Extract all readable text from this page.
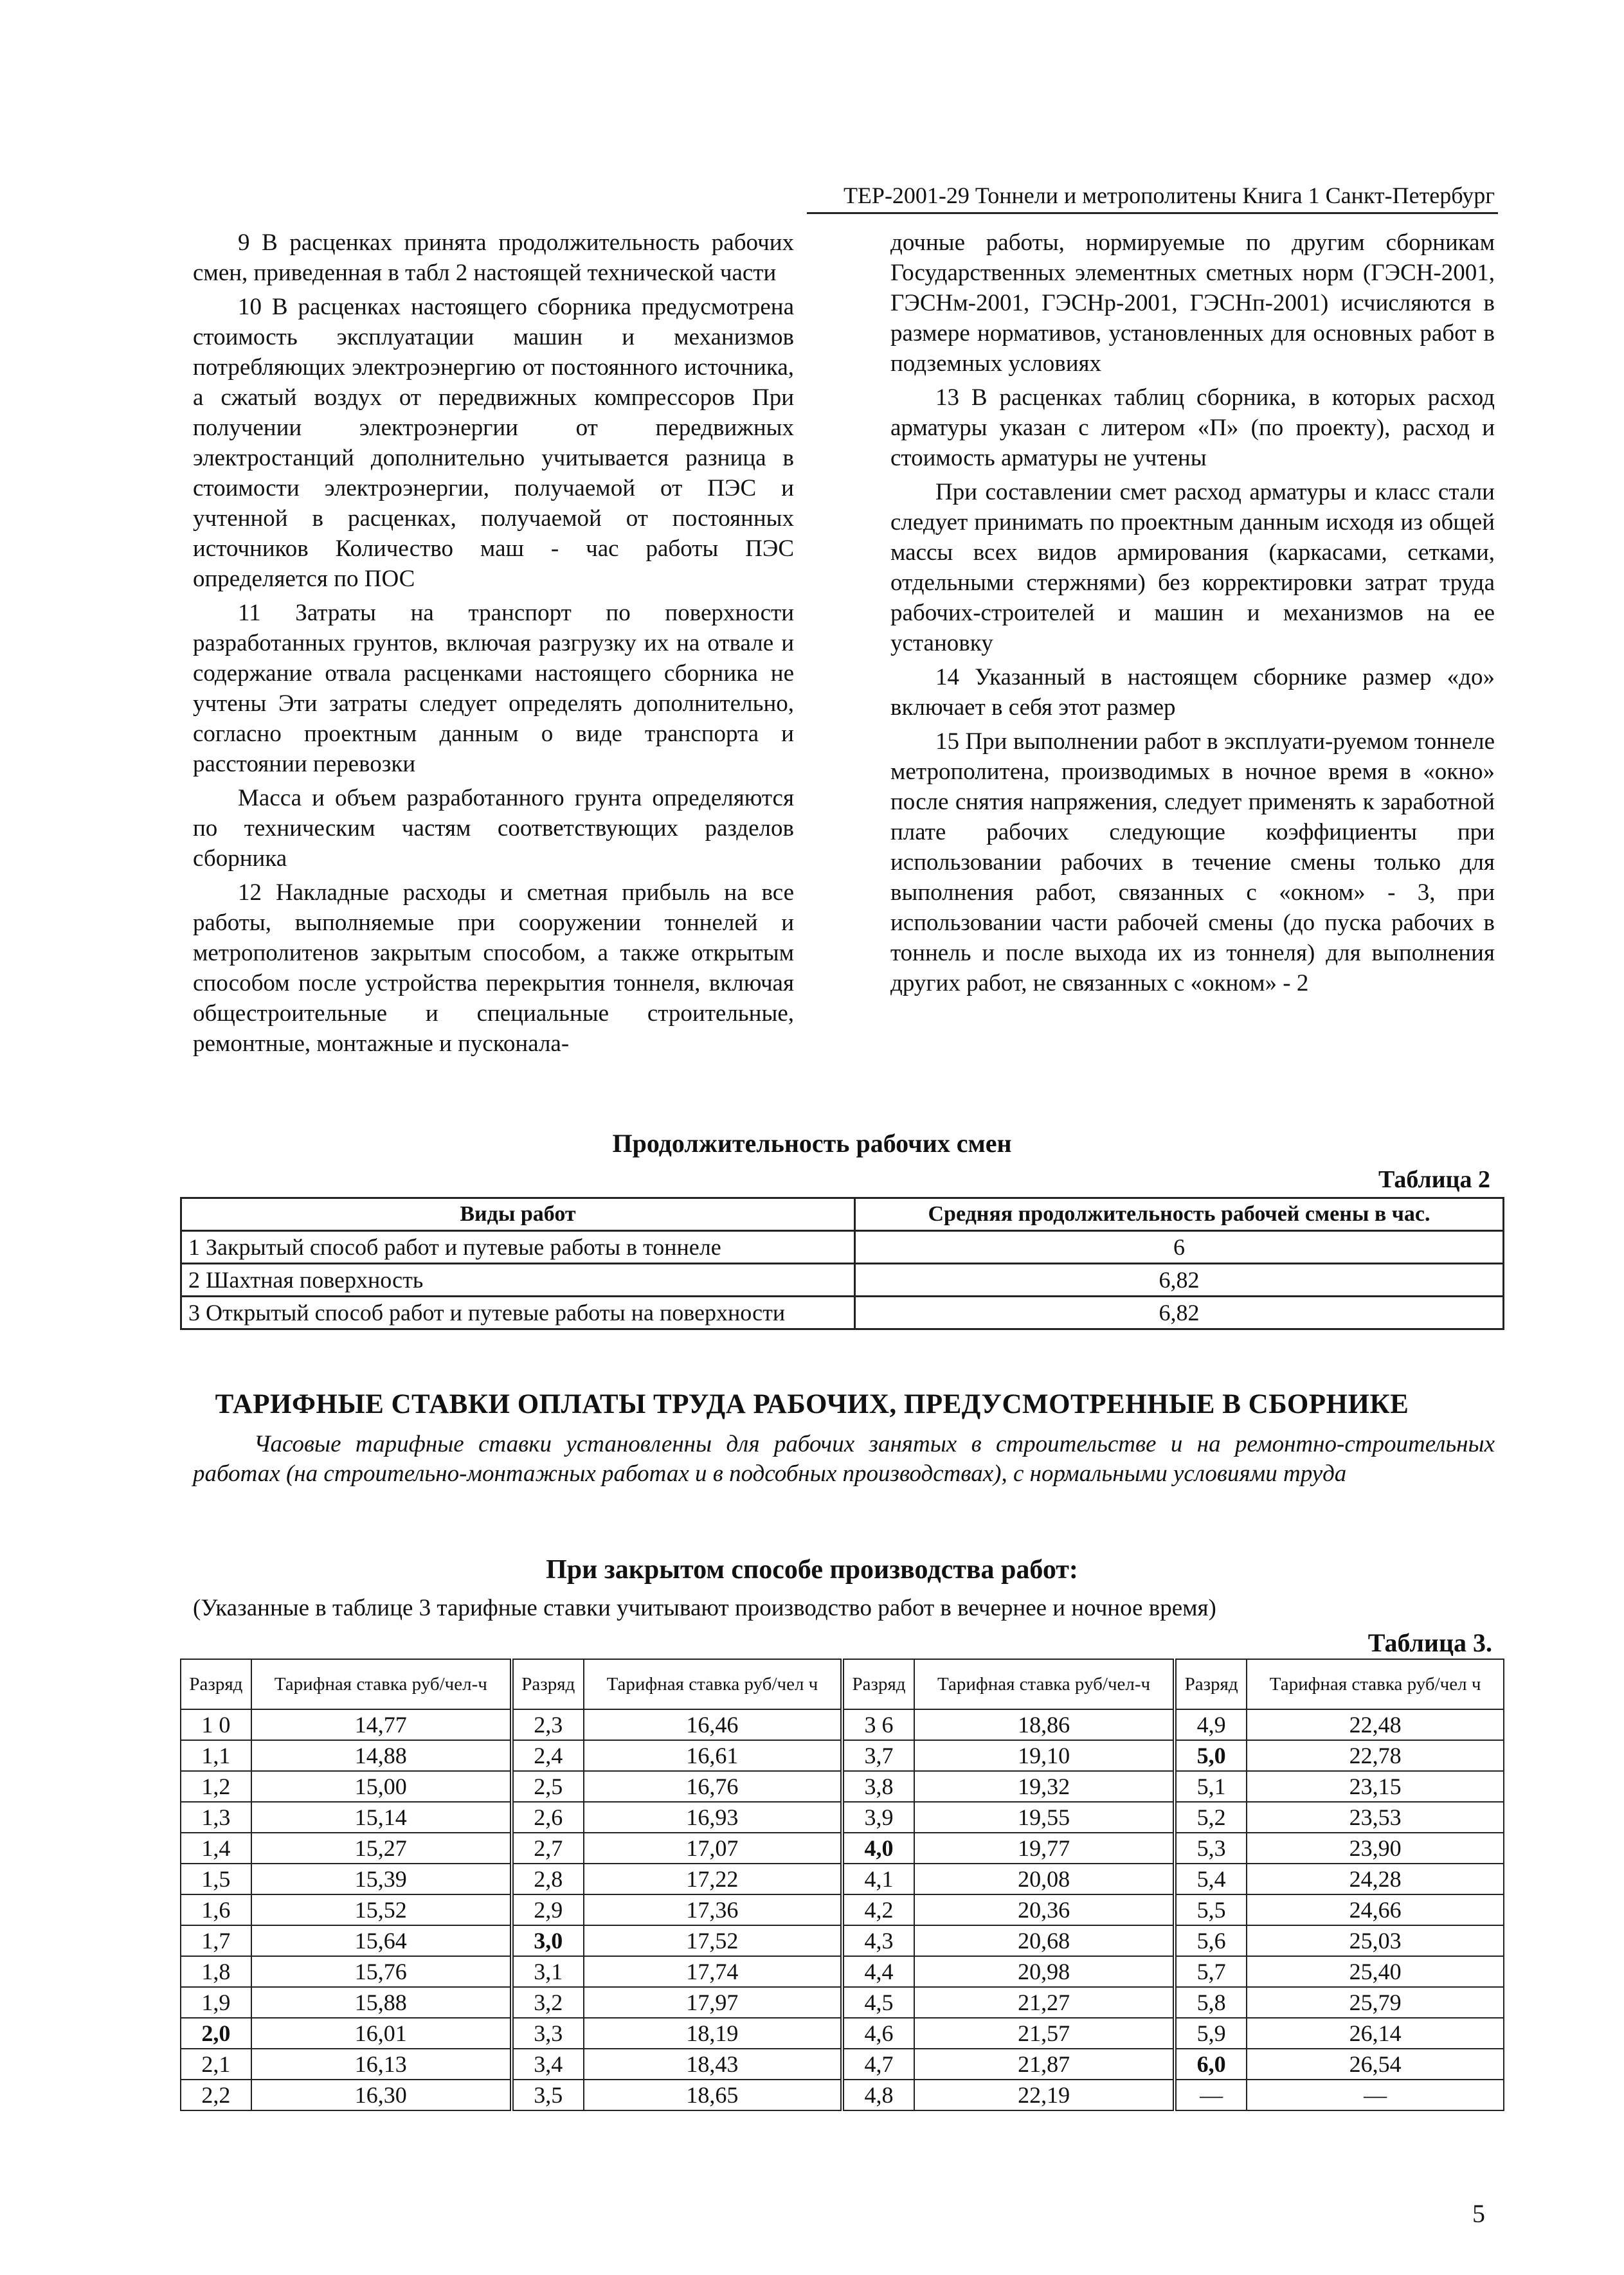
ТЕР-2001-29 Тоннели и метрополитены Книга 1 Санкт-Петербург

9 В расценках принята продолжительность рабочих смен, приведенная в табл 2 настоящей технической части

10 В расценках настоящего сборника предусмотрена стоимость эксплуатации машин и механизмов потребляющих электроэнергию от постоянного источника, а сжатый воздух от передвижных компрессоров При получении электроэнергии от передвижных электростанций дополнительно учитывается разница в стоимости электроэнергии, получаемой от ПЭС и учтенной в расценках, получаемой от постоянных источников Количество маш - час работы ПЭС определяется по ПОС

11 Затраты на транспорт по поверхности разработанных грунтов, включая разгрузку их на отвале и содержание отвала расценками настоящего сборника не учтены Эти затраты следует определять дополнительно, согласно проектным данным о виде транспорта и расстоянии перевозки

Масса и объем разработанного грунта определяются по техническим частям соответствующих разделов сборника

12 Накладные расходы и сметная прибыль на все работы, выполняемые при сооружении тоннелей и метрополитенов закрытым способом, а также открытым способом после устройства перекрытия тоннеля, включая общестроительные и специальные строительные, ремонтные, монтажные и пусконала-

дочные работы, нормируемые по другим сборникам Государственных элементных сметных норм (ГЭСН-2001, ГЭСНм-2001, ГЭСНр-2001, ГЭСНп-2001) исчисляются в размере нормативов, установленных для основных работ в подземных условиях

13 В расценках таблиц сборника, в которых расход арматуры указан с литером «П» (по проекту), расход и стоимость арматуры не учтены

При составлении смет расход арматуры и класс стали следует принимать по проектным данным исходя из общей массы всех видов армирования (каркасами, сетками, отдельными стержнями) без корректировки затрат труда рабочих-строителей и машин и механизмов на ее установку

14 Указанный в настоящем сборнике размер «до» включает в себя этот размер

15 При выполнении работ в эксплуати-руемом тоннеле метрополитена, производимых в ночное время в «окно» после снятия напряжения, следует применять к заработной плате рабочих следующие коэффициенты при использовании рабочих в течение смены только для выполнения работ, связанных с «окном» - 3, при использовании части рабочей смены (до пуска рабочих в тоннель и после выхода их из тоннеля) для выполнения других работ, не связанных с «окном» - 2

Продолжительность рабочих смен
Таблица 2
Виды работ	Средняя продолжительность рабочей смены в час.
1 Закрытый способ работ и путевые работы в тоннеле	6
2 Шахтная поверхность	6,82
3 Открытый способ работ и путевые работы на поверхности	6,82
ТАРИФНЫЕ СТАВКИ ОПЛАТЫ ТРУДА РАБОЧИХ, ПРЕДУСМОТРЕННЫЕ В СБОРНИКЕ
Часовые тарифные ставки установленны для рабочих занятых в строительстве и на ремонтно-строительных работах (на строительно-монтажных работах и в подсобных производствах), с нормальными условиями труда
При закрытом способе производства работ:
(Указанные в таблице 3 тарифные ставки учитывают производство работ в вечернее и ночное время)
Таблица 3.
Разряд	Тарифная ставка руб/чел-ч	Разряд	Тарифная ставка руб/чел ч	Разряд	Тарифная ставка руб/чел-ч	Разряд	Тарифная ставка руб/чел ч
1 0	14,77	2,3	16,46	3 6	18,86	4,9	22,48
1,1	14,88	2,4	16,61	3,7	19,10	5,0	22,78
1,2	15,00	2,5	16,76	3,8	19,32	5,1	23,15
1,3	15,14	2,6	16,93	3,9	19,55	5,2	23,53
1,4	15,27	2,7	17,07	4,0	19,77	5,3	23,90
1,5	15,39	2,8	17,22	4,1	20,08	5,4	24,28
1,6	15,52	2,9	17,36	4,2	20,36	5,5	24,66
1,7	15,64	3,0	17,52	4,3	20,68	5,6	25,03
1,8	15,76	3,1	17,74	4,4	20,98	5,7	25,40
1,9	15,88	3,2	17,97	4,5	21,27	5,8	25,79
2,0	16,01	3,3	18,19	4,6	21,57	5,9	26,14
2,1	16,13	3,4	18,43	4,7	21,87	6,0	26,54
2,2	16,30	3,5	18,65	4,8	22,19	—	—
5
